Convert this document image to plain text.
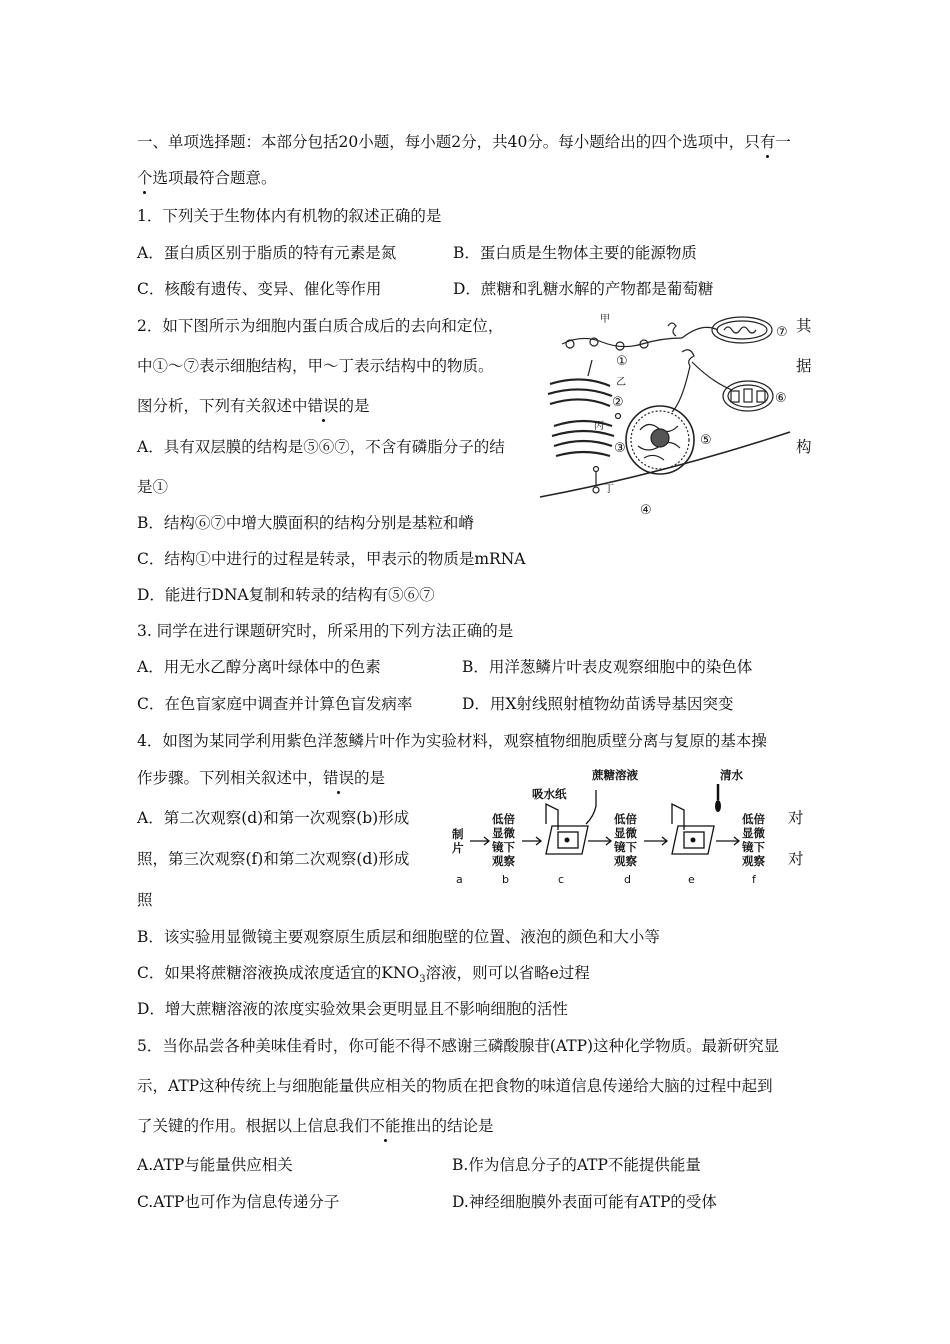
一、单项选择题：本部分包括20小题，每小题2分，共40分。每小题给出的四个选项中，只有一
个选项最符合题意。
1．下列关于生物体内有机物的叙述正确的是
A．蛋白质区别于脂质的特有元素是氮	B．蛋白质是生物体主要的能源物质
C．核酸有遗传、变异、催化等作用	D．蔗糖和乳糖水解的产物都是葡萄糖
2．如下图所示为细胞内蛋白质合成后的去向和定位，	其
中①～⑦表示细胞结构，甲～丁表示结构中的物质。	据
图分析，下列有关叙述中错误的是
A．具有双层膜的结构是⑤⑥⑦，不含有磷脂分子的结	构
是①
B．结构⑥⑦中增大膜面积的结构分别是基粒和嵴
C．结构①中进行的过程是转录，甲表示的物质是mRNA
D．能进行DNA复制和转录的结构有⑤⑥⑦
甲
①
乙
②
丙
③
丁
④
⑤
⑥
⑦
3. 同学在进行课题研究时，所采用的下列方法正确的是
A．用无水乙醇分离叶绿体中的色素	B．用洋葱鳞片叶表皮观察细胞中的染色体
C．在色盲家庭中调查并计算色盲发病率	D．用X射线照射植物幼苗诱导基因突变
4．如图为某同学利用紫色洋葱鳞片叶作为实验材料，观察植物细胞质壁分离与复原的基本操
作步骤。下列相关叙述中，错误的是
A．第二次观察(d)和第一次观察(b)形成	对
照，第三次观察(f)和第二次观察(d)形成	对
照
B．该实验用显微镜主要观察原生质层和细胞壁的位置、液泡的颜色和大小等
C．如果将蔗糖溶液换成浓度适宜的$KNO_3$溶液，则可以省略e过程
D．增大蔗糖溶液的浓度实验效果会更明显且不影响细胞的活性
蔗糖溶液	清水
吸水纸
制
片
低倍
显微
镜下
观察
低倍
显微
镜下
观察
低倍
显微
镜下
观察
a	b	c	d	e	f
5．当你品尝各种美味佳肴时，你可能不得不感谢三磷酸腺苷(ATP)这种化学物质。最新研究显
示，ATP这种传统上与细胞能量供应相关的物质在把食物的味道信息传递给大脑的过程中起到
了关键的作用。根据以上信息我们不能推出的结论是
A.ATP与能量供应相关	B.作为信息分子的ATP不能提供能量
C.ATP也可作为信息传递分子	D.神经细胞膜外表面可能有ATP的受体
